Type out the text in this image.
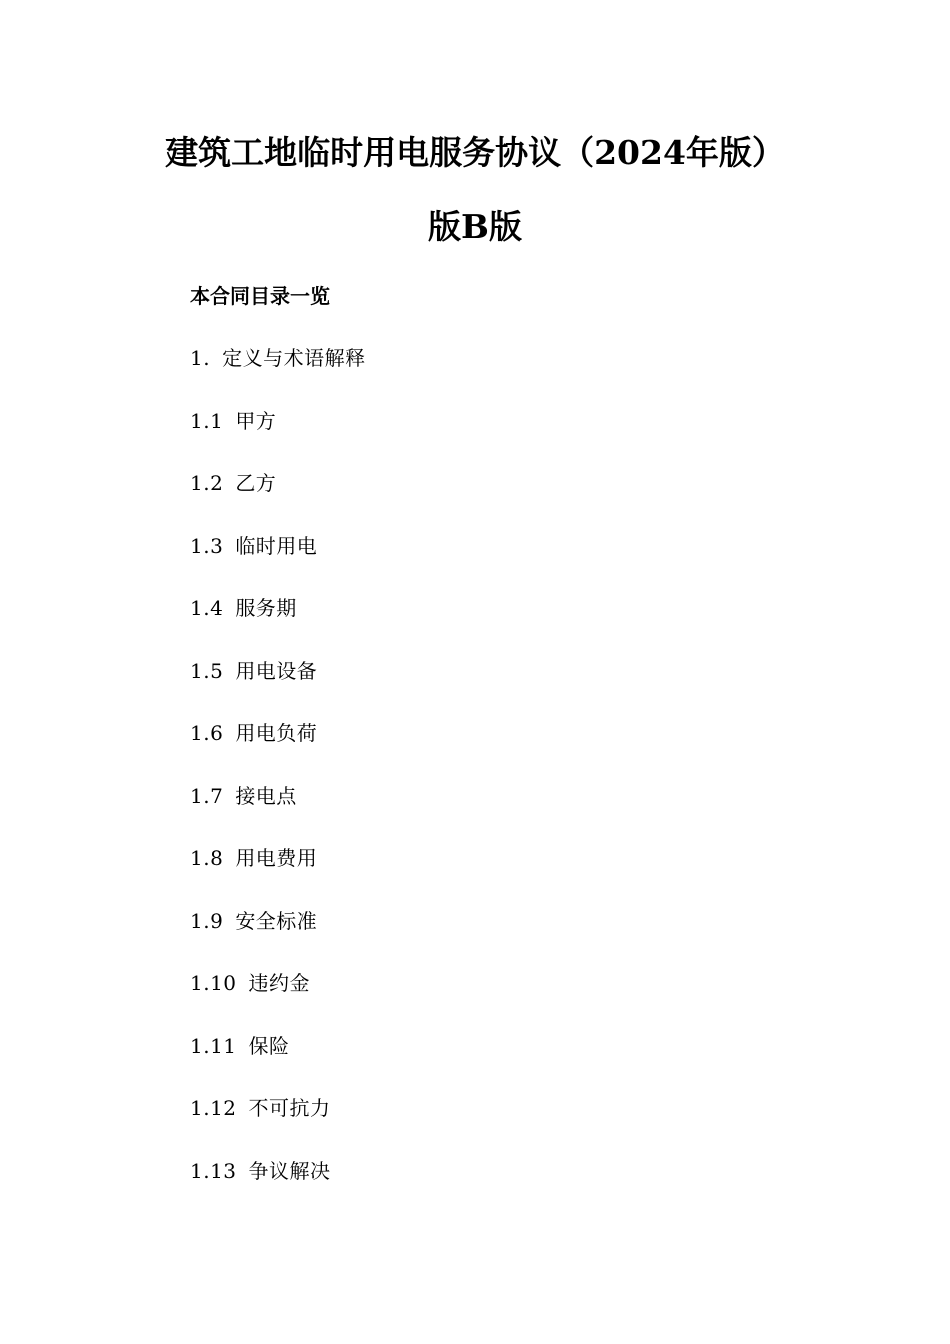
建筑工地临时用电服务协议（2024年版）
版B版
本合同目录一览
1. 定义与术语解释
1.1 甲方
1.2 乙方
1.3 临时用电
1.4 服务期
1.5 用电设备
1.6 用电负荷
1.7 接电点
1.8 用电费用
1.9 安全标准
1.10 违约金
1.11 保险
1.12 不可抗力
1.13 争议解决
